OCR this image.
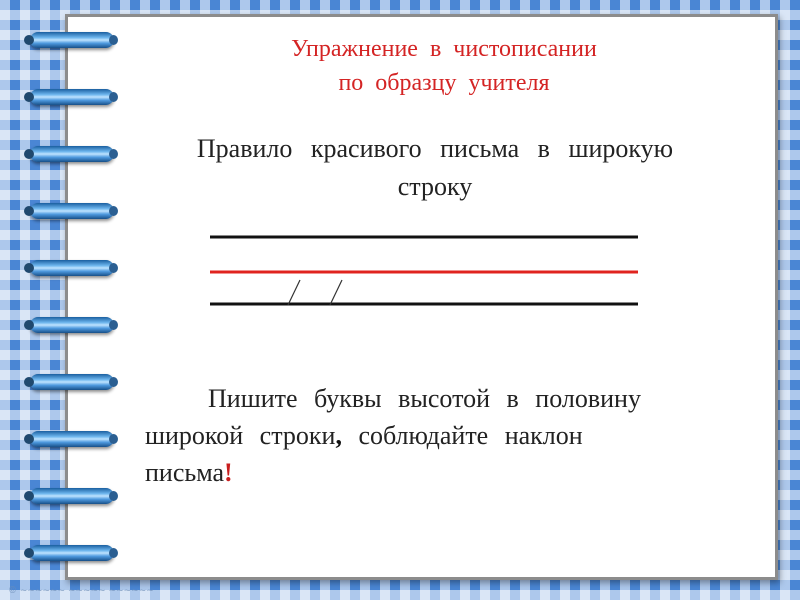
Упражнение в чистописании
по образцу учителя
Правило красивого письма в широкую
строку
Пишите буквы высотой в половину
широкой строки, соблюдайте наклон
письма!
© ~~~~~~ ~~~~~ ~~~~~~
